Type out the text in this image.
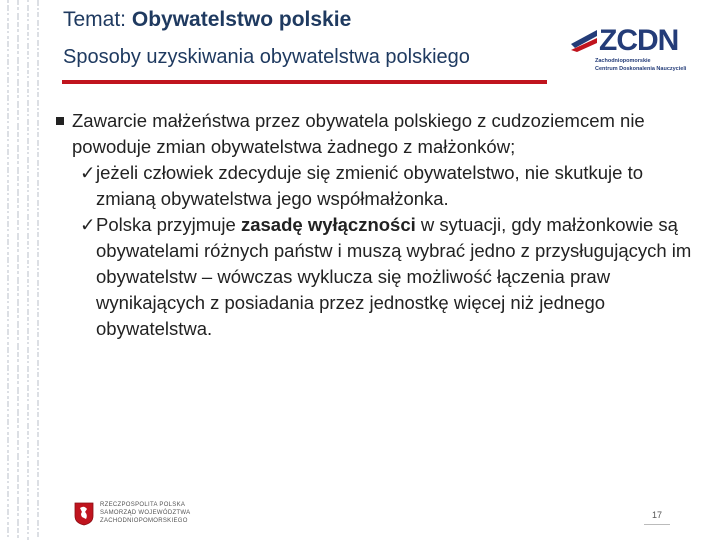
Temat: Obywatelstwo polskie
Sposoby uzyskiwania obywatelstwa polskiego	ZCDN
Zachodniopomorskie
Centrum Doskonalenia Nauczycieli
Zawarcie małżeństwa przez obywatela polskiego z cudzoziemcem nie powoduje zmian obywatelstwa żadnego z małżonków;
✓jeżeli człowiek zdecyduje się zmienić obywatelstwo, nie skutkuje to zmianą obywatelstwa jego współmałżonka.
✓Polska przyjmuje zasadę wyłączności w sytuacji, gdy małżonkowie są obywatelami różnych państw i muszą wybrać jedno z przysługujących im obywatelstw – wówczas wyklucza się możliwość łączenia praw wynikających z posiadania przez jednostkę więcej niż jednego obywatelstwa.
RZECZPOSPOLITA POLSKA
SAMORZĄD WOJEWÓDZTWA
ZACHODNIOPOMORSKIEGO
17
